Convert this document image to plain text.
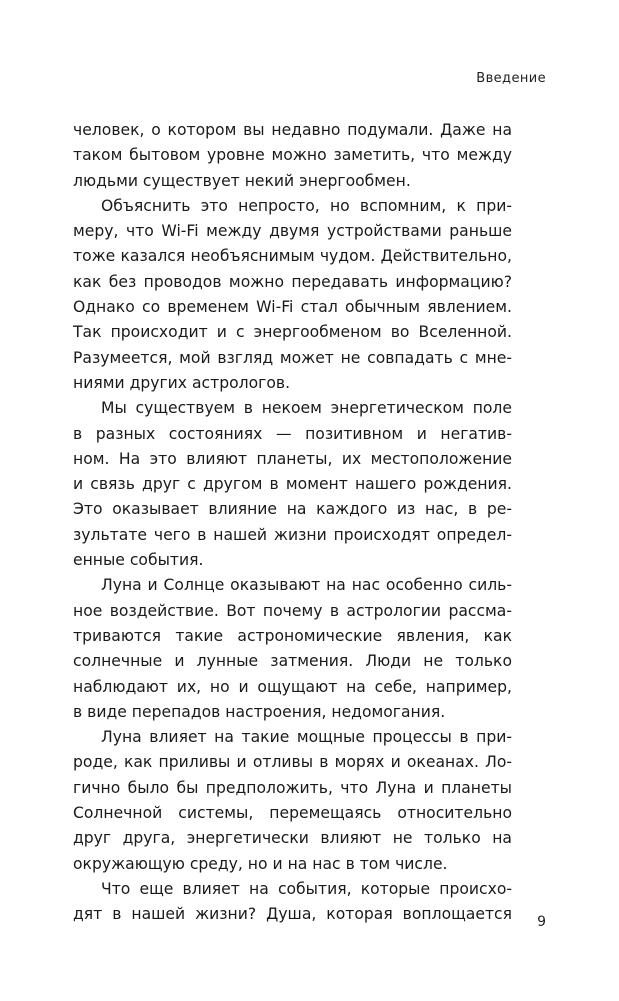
Введение
человек, о котором вы недавно подумали. Даже на
таком бытовом уровне можно заметить, что между
людьми существует некий энергообмен.
Объяснить это непросто, но вспомним, к при-
меру, что Wi-Fi между двумя устройствами раньше
тоже казался необъяснимым чудом. Действительно,
как без проводов можно передавать информацию?
Однако со временем Wi-Fi стал обычным явлением.
Так происходит и с энергообменом во Вселенной.
Разумеется, мой взгляд может не совпадать с мне-
ниями других астрологов.
Мы существуем в некоем энергетическом поле
в разных состояниях — позитивном и негатив-
ном. На это влияют планеты, их местоположение
и связь друг с другом в момент нашего рождения.
Это оказывает влияние на каждого из нас, в ре-
зультате чего в нашей жизни происходят определ-
енные события.
Луна и Солнце оказывают на нас особенно силь-
ное воздействие. Вот почему в астрологии рассма-
триваются такие астрономические явления, как
солнечные и лунные затмения. Люди не только
наблюдают их, но и ощущают на себе, например,
в виде перепадов настроения, недомогания.
Луна влияет на такие мощные процессы в при-
роде, как приливы и отливы в морях и океанах. Ло-
гично было бы предположить, что Луна и планеты
Солнечной системы, перемещаясь относительно
друг друга, энергетически влияют не только на
окружающую среду, но и на нас в том числе.
Что еще влияет на события, которые происхо-
дят в нашей жизни? Душа, которая воплощается 9
